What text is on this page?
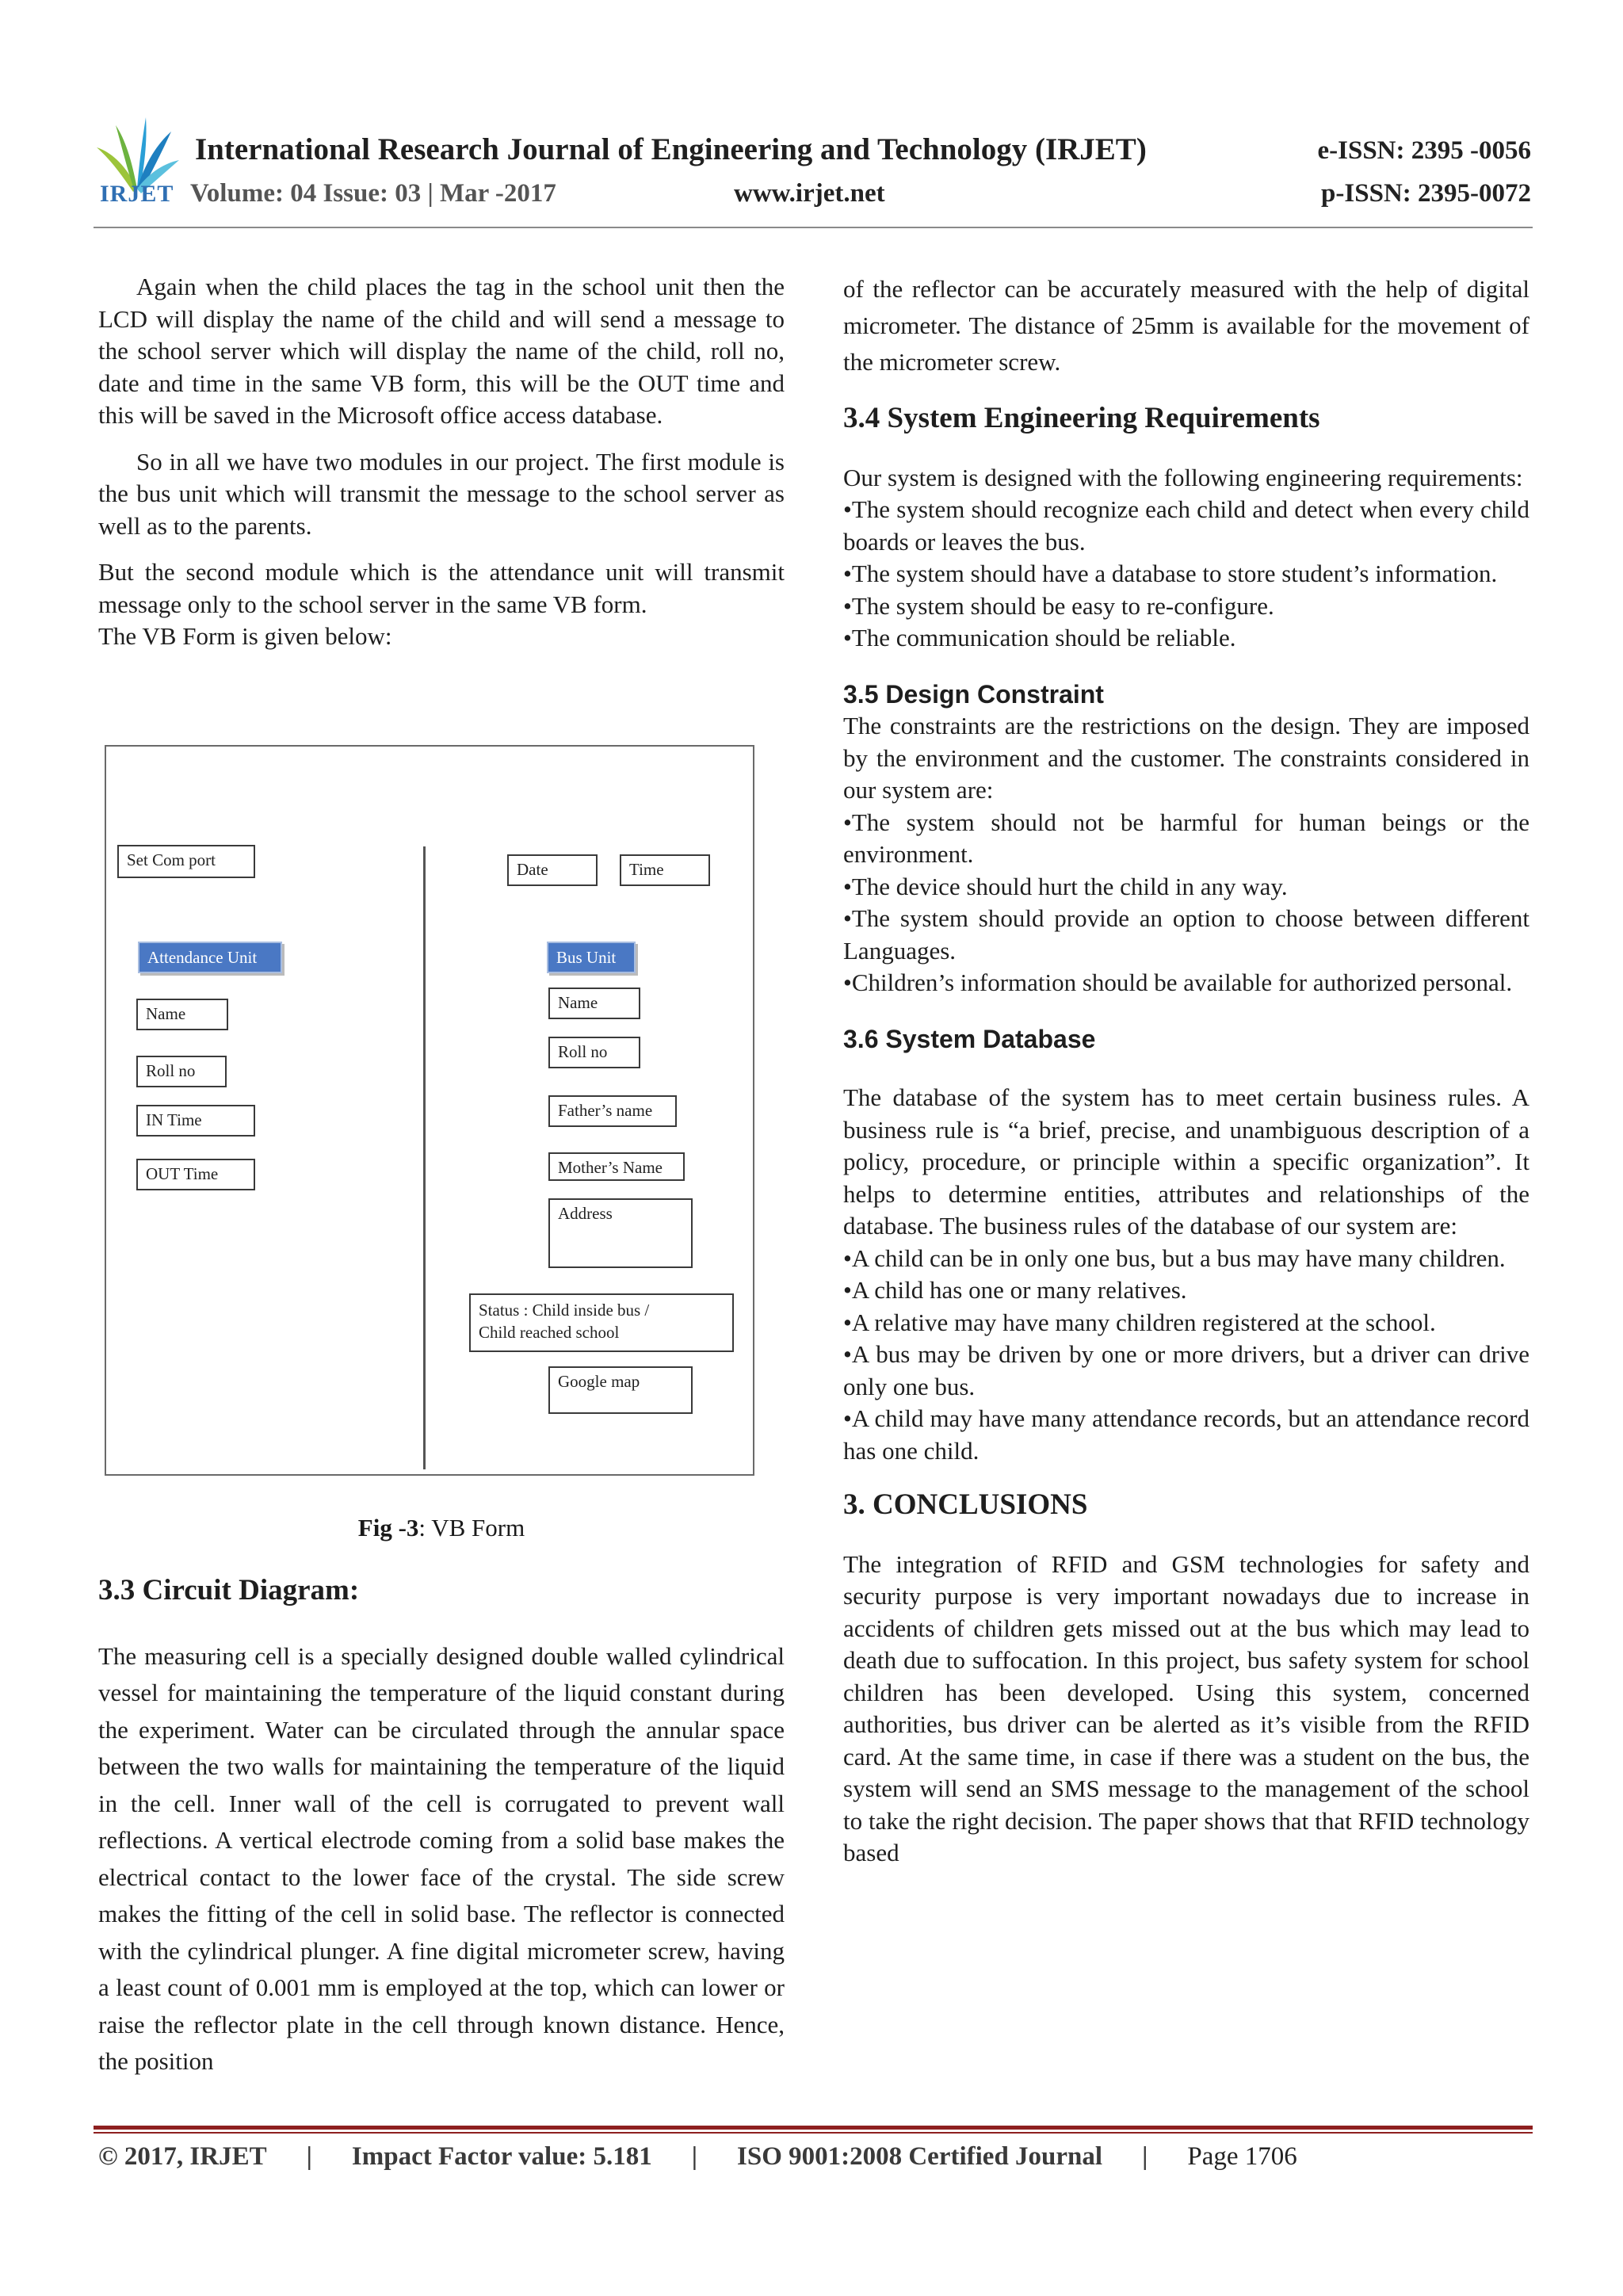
IRJET
International Research Journal of Engineering and Technology (IRJET)
Volume: 04 Issue: 03 | Mar -2017	www.irjet.net
e-ISSN: 2395 -0056
p-ISSN: 2395-0072

Again when the child places the tag in the school unit then the LCD will display the name of the child and will send a message to the school server which will display the name of the child, roll no, date and time in the same VB form, this will be the OUT time and this will be saved in the Microsoft office access database.

So in all we have two modules in our project. The first module is the bus unit which will transmit the message to the school server as well as to the parents.

But the second module which is the attendance unit will transmit message only to the school server in the same VB form.

The VB Form is given below:

Set Com port	Date	Time
Attendance Unit	Bus Unit
Name
Roll no
IN Time
OUT Time
Name
Roll no
Father’s name
Mother’s Name
Address
Status : Child inside bus /
Child reached school
Google map
Fig -3: VB Form
3.3 Circuit Diagram:

The measuring cell is a specially designed double walled cylindrical vessel for maintaining the temperature of the liquid constant during the experiment. Water can be circulated through the annular space between the two walls for maintaining the temperature of the liquid in the cell. Inner wall of the cell is corrugated to prevent wall reflections. A vertical electrode coming from a solid base makes the electrical contact to the lower face of the crystal. The side screw makes the fitting of the cell in solid base. The reflector is connected with the cylindrical plunger. A fine digital micrometer screw, having a least count of 0.001 mm is employed at the top, which can lower or raise the reflector plate in the cell through known distance. Hence, the position

of the reflector can be accurately measured with the help of digital micrometer. The distance of 25mm is available for the movement of the micrometer screw.

3.4 System Engineering Requirements

Our system is designed with the following engineering requirements:

•The system should recognize each child and detect when every child boards or leaves the bus.

•The system should have a database to store student’s information.

•The system should be easy to re-configure.

•The communication should be reliable.

3.5 Design Constraint

The constraints are the restrictions on the design. They are imposed by the environment and the customer. The constraints considered in our system are:

•The system should not be harmful for human beings or the environment.

•The device should hurt the child in any way.

•The system should provide an option to choose between different Languages.

•Children’s information should be available for authorized personal.

3.6 System Database

The database of the system has to meet certain business rules. A business rule is “a brief, precise, and unambiguous description of a policy, procedure, or principle within a specific organization”. It helps to determine entities, attributes and relationships of the database. The business rules of the database of our system are:

•A child can be in only one bus, but a bus may have many children.

•A child has one or many relatives.

•A relative may have many children registered at the school.

•A bus may be driven by one or more drivers, but a driver can drive only one bus.

•A child may have many attendance records, but an attendance record has one child.

3. CONCLUSIONS

The integration of RFID and GSM technologies for safety and security purpose is very important nowadays due to increase in accidents of children gets missed out at the bus which may lead to death due to suffocation. In this project, bus safety system for school children has been developed. Using this system, concerned authorities, bus driver can be alerted as it’s visible from the RFID card. At the same time, in case if there was a student on the bus, the system will send an SMS message to the management of the school to take the right decision. The paper shows that that RFID technology based

© 2017, IRJET | Impact Factor value: 5.181 | ISO 9001:2008 Certified Journal | Page 1706
